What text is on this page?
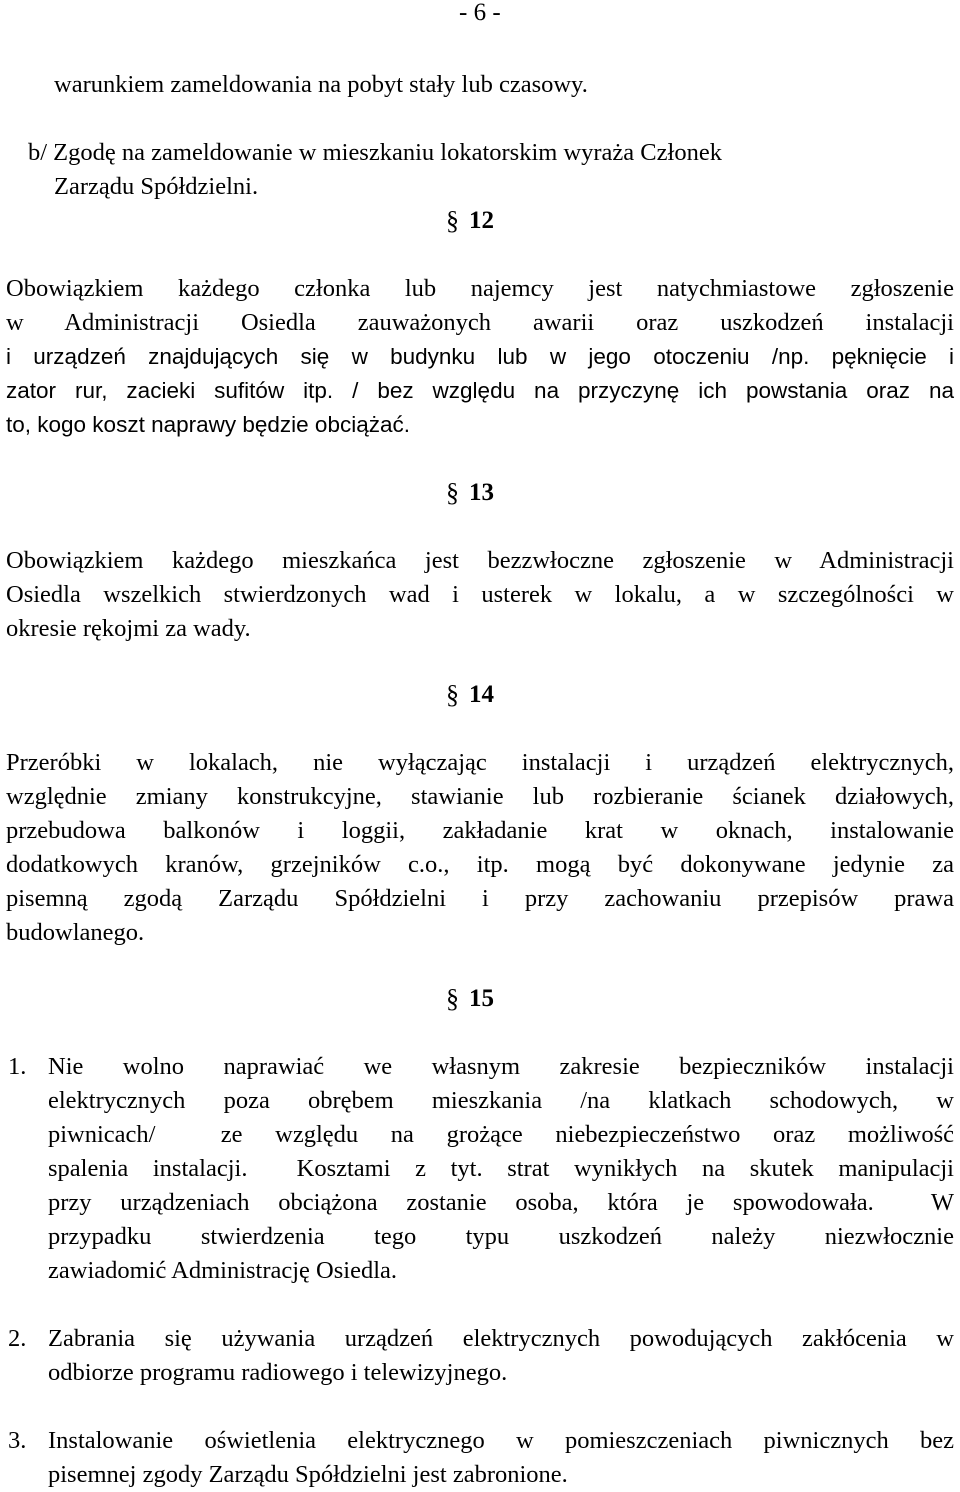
- 6 -
warunkiem zameldowania na pobyt stały lub czasowy.
b/ Zgodę na zameldowanie w mieszkaniu lokatorskim wyraża Członek
Zarządu Spółdzielni.
§ 12
Obowiązkiem każdego członka lub najemcy jest natychmiastowe zgłoszenie
w Administracji Osiedla zauważonych awarii oraz uszkodzeń instalacji
i urządzeń znajdujących się w budynku lub w jego otoczeniu /np. pęknięcie i
zator rur, zacieki sufitów itp. / bez względu na przyczynę ich powstania oraz na
to, kogo koszt naprawy będzie obciążać.
§ 13
Obowiązkiem każdego mieszkańca jest bezzwłoczne zgłoszenie w Administracji
Osiedla wszelkich stwierdzonych wad i usterek w lokalu, a w szczególności w
okresie rękojmi za wady.
§ 14
Przeróbki w lokalach, nie wyłączając instalacji i urządzeń elektrycznych,
względnie zmiany konstrukcyjne, stawianie lub rozbieranie ścianek działowych,
przebudowa balkonów i loggii, zakładanie krat w oknach, instalowanie
dodatkowych kranów, grzejników c.o., itp. mogą być dokonywane jedynie za
pisemną zgodą Zarządu Spółdzielni i przy zachowaniu przepisów prawa
budowlanego.
§ 15
1. Nie wolno naprawiać we własnym zakresie bezpieczników instalacji
elektrycznych poza obrębem mieszkania /na klatkach schodowych, w
piwnicach/  ze względu na grożące niebezpieczeństwo oraz możliwość
spalenia instalacji.  Kosztami z tyt. strat wynikłych na skutek manipulacji
przy urządzeniach obciążona zostanie osoba, która je spowodowała.  W
przypadku stwierdzenia tego typu uszkodzeń należy niezwłocznie
zawiadomić Administrację Osiedla.
2. Zabrania się używania urządzeń elektrycznych powodujących zakłócenia w
odbiorze programu radiowego i telewizyjnego.
3. Instalowanie oświetlenia elektrycznego w pomieszczeniach piwnicznych bez
pisemnej zgody Zarządu Spółdzielni jest zabronione.
